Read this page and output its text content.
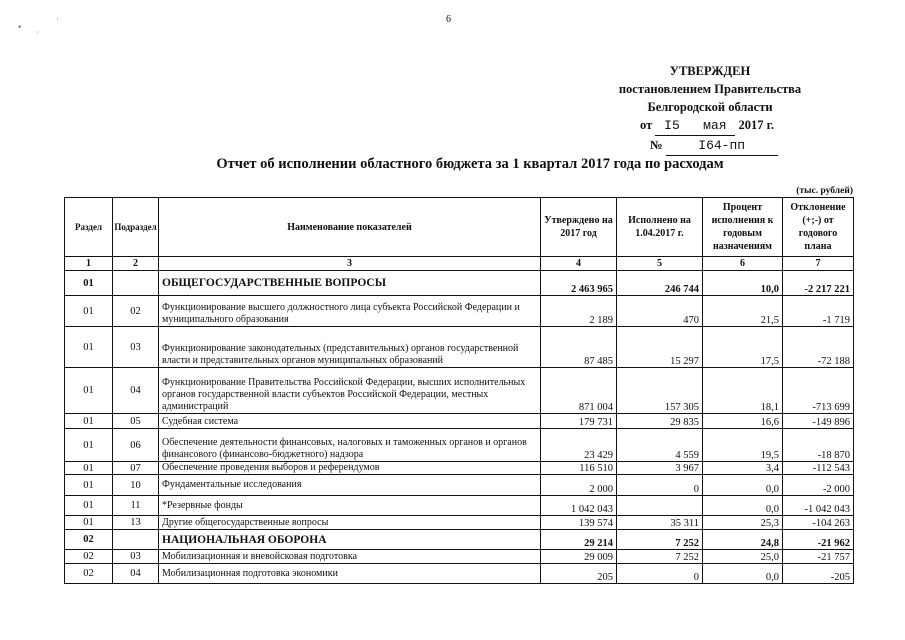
6
•	˙
˙
УТВЕРЖДЕН
постановлением Правительства
Белгородской области
от I5 мая 2017 г.
№	I64-пп
Отчет об исполнении областного бюджета за 1 квартал 2017 года по расходам
(тыс. рублей)
Раздел	Подраздел	Наименование показателей	Утверждено на 2017 год	Исполнено на 1.04.2017 г.	Процент исполнения к годовым назначениям	Отклонение (+;-) от годового плана
1	2	3	4	5	6	7
01		ОБЩЕГОСУДАРСТВЕННЫЕ ВОПРОСЫ	2 463 965	246 744	10,0	-2 217 221
01	02	Функционирование высшего должностного лица субъекта Российской Федерации и муниципального образования	2 189	470	21,5	-1 719
01	03	Функционирование законодательных (представительных) органов государственной власти и представительных органов муниципальных образований	87 485	15 297	17,5	-72 188
01	04	Функционирование Правительства Российской Федерации, высших исполнительных органов государственной власти субъектов Российской Федерации, местных администраций	871 004	157 305	18,1	-713 699
01	05	Судебная система	179 731	29 835	16,6	-149 896
01	06	Обеспечение деятельности финансовых, налоговых и таможенных органов и органов финансового (финансово-бюджетного) надзора	23 429	4 559	19,5	-18 870
01	07	Обеспечение проведения выборов и референдумов	116 510	3 967	3,4	-112 543
01	10	Фундаментальные исследования	2 000	0	0,0	-2 000
01	11	*Резервные фонды	1 042 043		0,0	-1 042 043
01	13	Другие общегосударственные вопросы	139 574	35 311	25,3	-104 263
02		НАЦИОНАЛЬНАЯ ОБОРОНА	29 214	7 252	24,8	-21 962
02	03	Мобилизационная и вневойсковая подготовка	29 009	7 252	25,0	-21 757
02	04	Мобилизационная подготовка экономики	205	0	0,0	-205
